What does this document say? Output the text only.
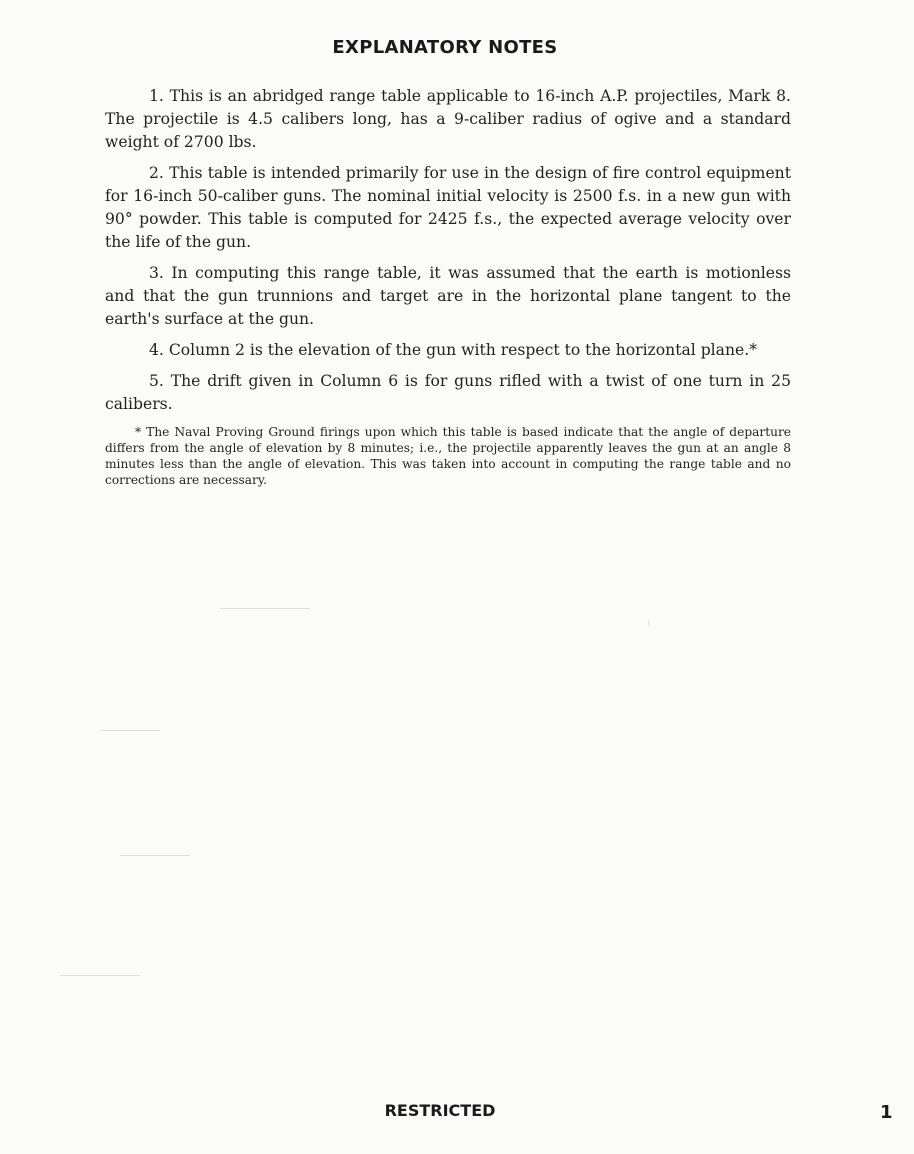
EXPLANATORY NOTES

1. This is an abridged range table applicable to 16-inch A.P. projectiles, Mark 8. The projectile is 4.5 calibers long, has a 9-caliber radius of ogive and a standard weight of 2700 lbs.

2. This table is intended primarily for use in the design of fire control equipment for 16-inch 50-caliber guns. The nominal initial velocity is 2500 f.s. in a new gun with 90° powder. This table is computed for 2425 f.s., the expected average velocity over the life of the gun.

3. In computing this range table, it was assumed that the earth is motionless and that the gun trunnions and target are in the horizontal plane tangent to the earth's surface at the gun.

4. Column 2 is the elevation of the gun with respect to the horizontal plane.*

5. The drift given in Column 6 is for guns rifled with a twist of one turn in 25 calibers.

* The Naval Proving Ground firings upon which this table is based indicate that the angle of departure differs from the angle of elevation by 8 minutes; i.e., the projectile apparently leaves the gun at an angle 8 minutes less than the angle of elevation. This was taken into account in computing the range table and no corrections are necessary.

RESTRICTED	1
